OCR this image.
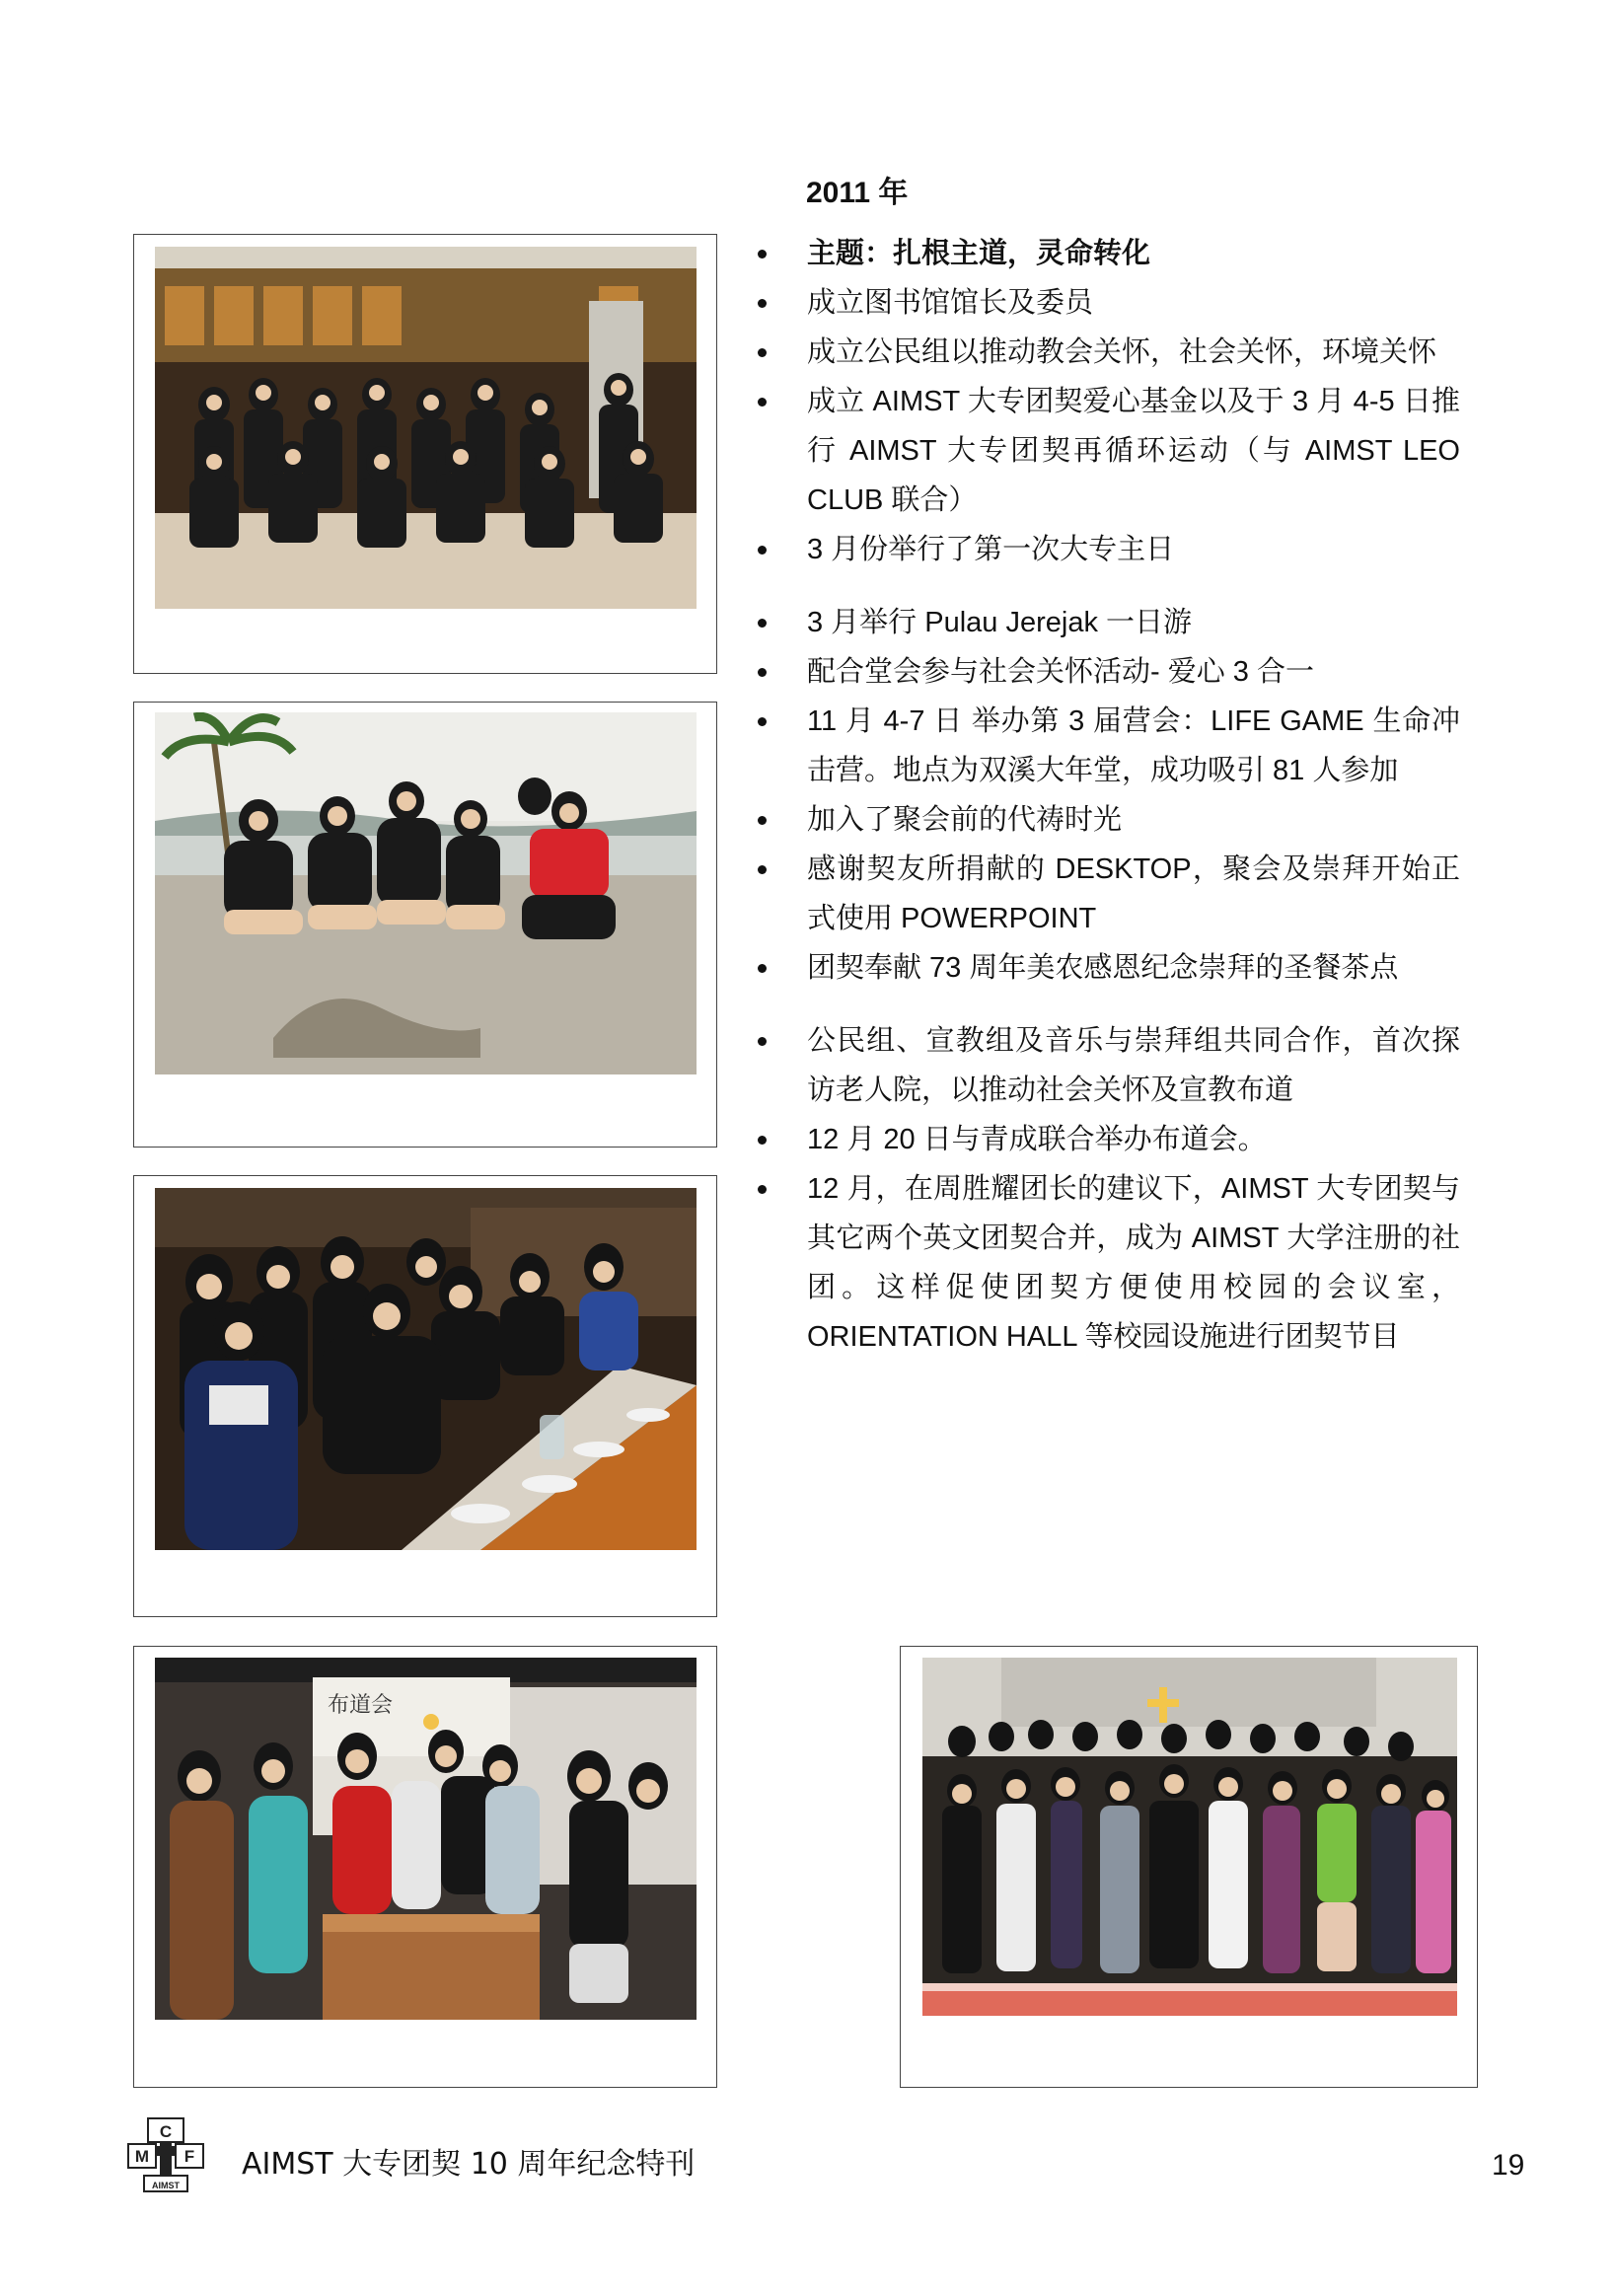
2011 年
主题：扎根主道，灵命转化
成立图书馆馆长及委员
成立公民组以推动教会关怀，社会关怀，环境关怀
成立 AIMST 大专团契爱心基金以及于 3 月 4-5 日推行 AIMST 大专团契再循环运动（与 AIMST LEO CLUB 联合）
3 月份举行了第一次大专主日
3 月举行 Pulau Jerejak 一日游
配合堂会参与社会关怀活动- 爱心 3 合一
11 月 4-7 日 举办第 3 届营会：LIFE GAME 生命冲击营。地点为双溪大年堂，成功吸引 81 人参加
加入了聚会前的代祷时光
感谢契友所捐献的 DESKTOP，聚会及崇拜开始正式使用 POWERPOINT
团契奉献 73 周年美农感恩纪念崇拜的圣餐茶点
公民组、宣教组及音乐与崇拜组共同合作，首次探访老人院，以推动社会关怀及宣教布道
12 月 20 日与青成联合举办布道会。
12 月，在周胜耀团长的建议下，AIMST 大专团契与其它两个英文团契合并，成为 AIMST 大学注册的社团。这样促使团契方便使用校园的会议室，ORIENTATION HALL 等校园设施进行团契节目
布道会
C
M F
AIMST
AIMST 大专团契 10 周年纪念特刊	19
